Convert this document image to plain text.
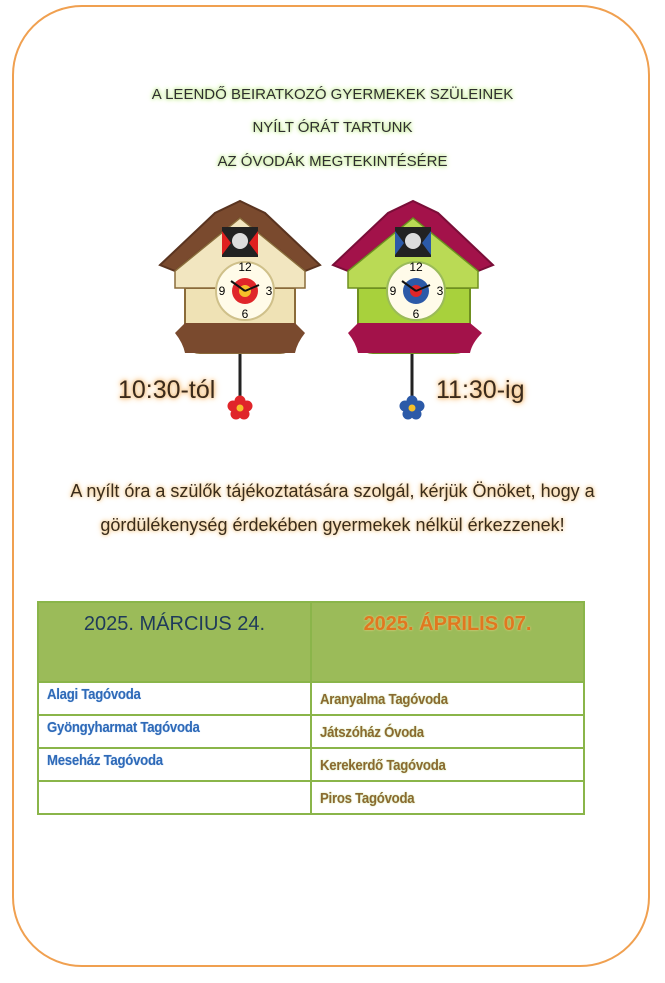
A LEENDŐ BEIRATKOZÓ GYERMEKEK SZÜLEINEK
NYÍLT ÓRÁT TARTUNK
AZ ÓVODÁK MEGTEKINTÉSÉRE
12
3
6
9
12
3
6
9
10:30-tól	11:30-ig
A nyílt óra a szülők tájékoztatására szolgál, kérjük Önöket, hogy a
gördülékenység érdekében gyermekek nélkül érkezzenek!
2025. MÁRCIUS 24.	2025. ÁPRILIS 07.

Alagi Tagóvoda	Aranyalma Tagóvoda

Gyöngyharmat Tagóvoda	Játszóház Óvoda

Meseház Tagóvoda	Kerekerdő Tagóvoda

	Piros Tagóvoda
